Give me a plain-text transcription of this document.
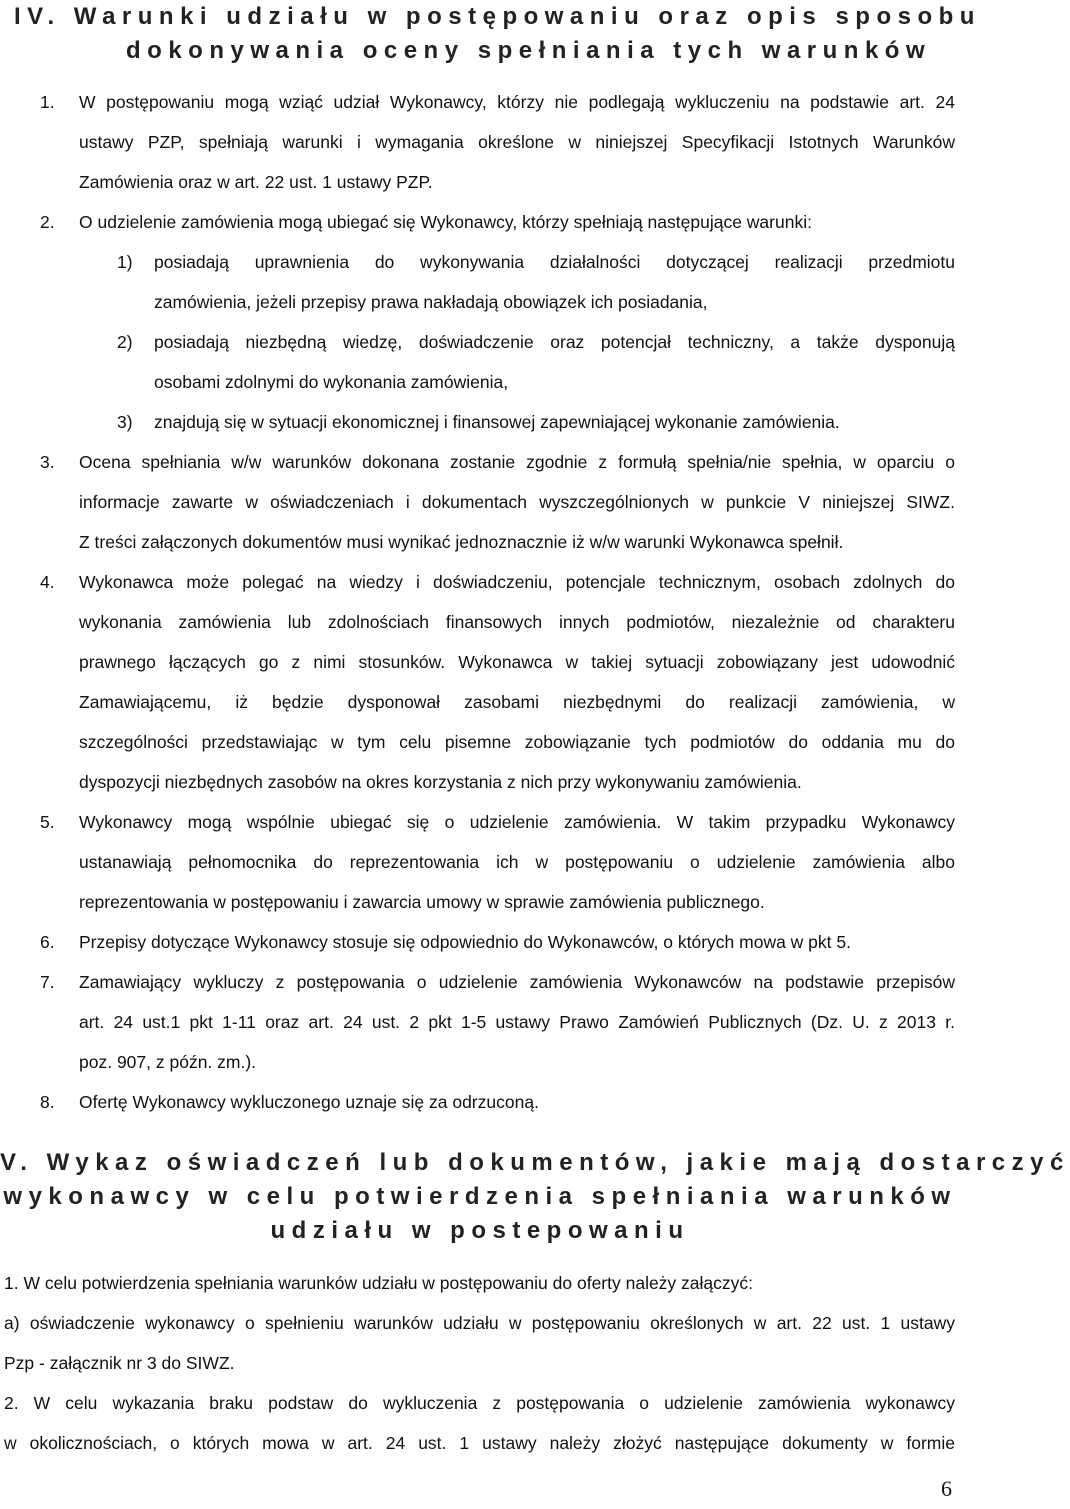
IV. Warunki udziału w postępowaniu oraz opis sposobu
dokonywania oceny spełniania tych warunków
1. W postępowaniu mogą wziąć udział Wykonawcy, którzy nie podlegają wykluczeniu na podstawie art. 24
ustawy PZP, spełniają warunki i wymagania określone w niniejszej Specyfikacji Istotnych Warunków
Zamówienia oraz w art. 22 ust. 1 ustawy PZP.
2. O udzielenie zamówienia mogą ubiegać się Wykonawcy, którzy spełniają następujące warunki:
1) posiadają uprawnienia do wykonywania działalności dotyczącej realizacji przedmiotu
zamówienia, jeżeli przepisy prawa nakładają obowiązek ich posiadania,
2) posiadają niezbędną wiedzę, doświadczenie oraz potencjał techniczny, a także dysponują
osobami zdolnymi do wykonania zamówienia,
3) znajdują się w sytuacji ekonomicznej i finansowej zapewniającej wykonanie zamówienia.
3. Ocena spełniania w/w warunków dokonana zostanie zgodnie z formułą spełnia/nie spełnia, w oparciu o
informacje zawarte w oświadczeniach i dokumentach wyszczególnionych w punkcie V niniejszej SIWZ.
Z treści załączonych dokumentów musi wynikać jednoznacznie iż w/w warunki Wykonawca spełnił.
4. Wykonawca może polegać na wiedzy i doświadczeniu, potencjale technicznym, osobach zdolnych do
wykonania zamówienia lub zdolnościach finansowych innych podmiotów, niezależnie od charakteru
prawnego łączących go z nimi stosunków. Wykonawca w takiej sytuacji zobowiązany jest udowodnić
Zamawiającemu, iż będzie dysponował zasobami niezbędnymi do realizacji zamówienia, w
szczególności przedstawiając w tym celu pisemne zobowiązanie tych podmiotów do oddania mu do
dyspozycji niezbędnych zasobów na okres korzystania z nich przy wykonywaniu zamówienia.
5. Wykonawcy mogą wspólnie ubiegać się o udzielenie zamówienia. W takim przypadku Wykonawcy
ustanawiają pełnomocnika do reprezentowania ich w postępowaniu o udzielenie zamówienia albo
reprezentowania w postępowaniu i zawarcia umowy w sprawie zamówienia publicznego.
6. Przepisy dotyczące Wykonawcy stosuje się odpowiednio do Wykonawców, o których mowa w pkt 5.
7. Zamawiający wykluczy z postępowania o udzielenie zamówienia Wykonawców na podstawie przepisów
art. 24 ust.1 pkt 1-11 oraz art. 24 ust. 2 pkt 1-5 ustawy Prawo Zamówień Publicznych (Dz. U. z 2013 r.
poz. 907, z późn. zm.).
8. Ofertę Wykonawcy wykluczonego uznaje się za odrzuconą.
V. Wykaz oświadczeń lub dokumentów, jakie mają dostarczyć
wykonawcy w celu potwierdzenia spełniania warunków
udziału w postepowaniu
1. W celu potwierdzenia spełniania warunków udziału w postępowaniu do oferty należy załączyć:
a) oświadczenie wykonawcy o spełnieniu warunków udziału w postępowaniu określonych w art. 22 ust. 1 ustawy
Pzp - załącznik nr 3 do SIWZ.
2. W celu wykazania braku podstaw do wykluczenia z postępowania o udzielenie zamówienia wykonawcy
w okolicznościach, o których mowa w art. 24 ust. 1 ustawy należy złożyć następujące dokumenty w formie
6
